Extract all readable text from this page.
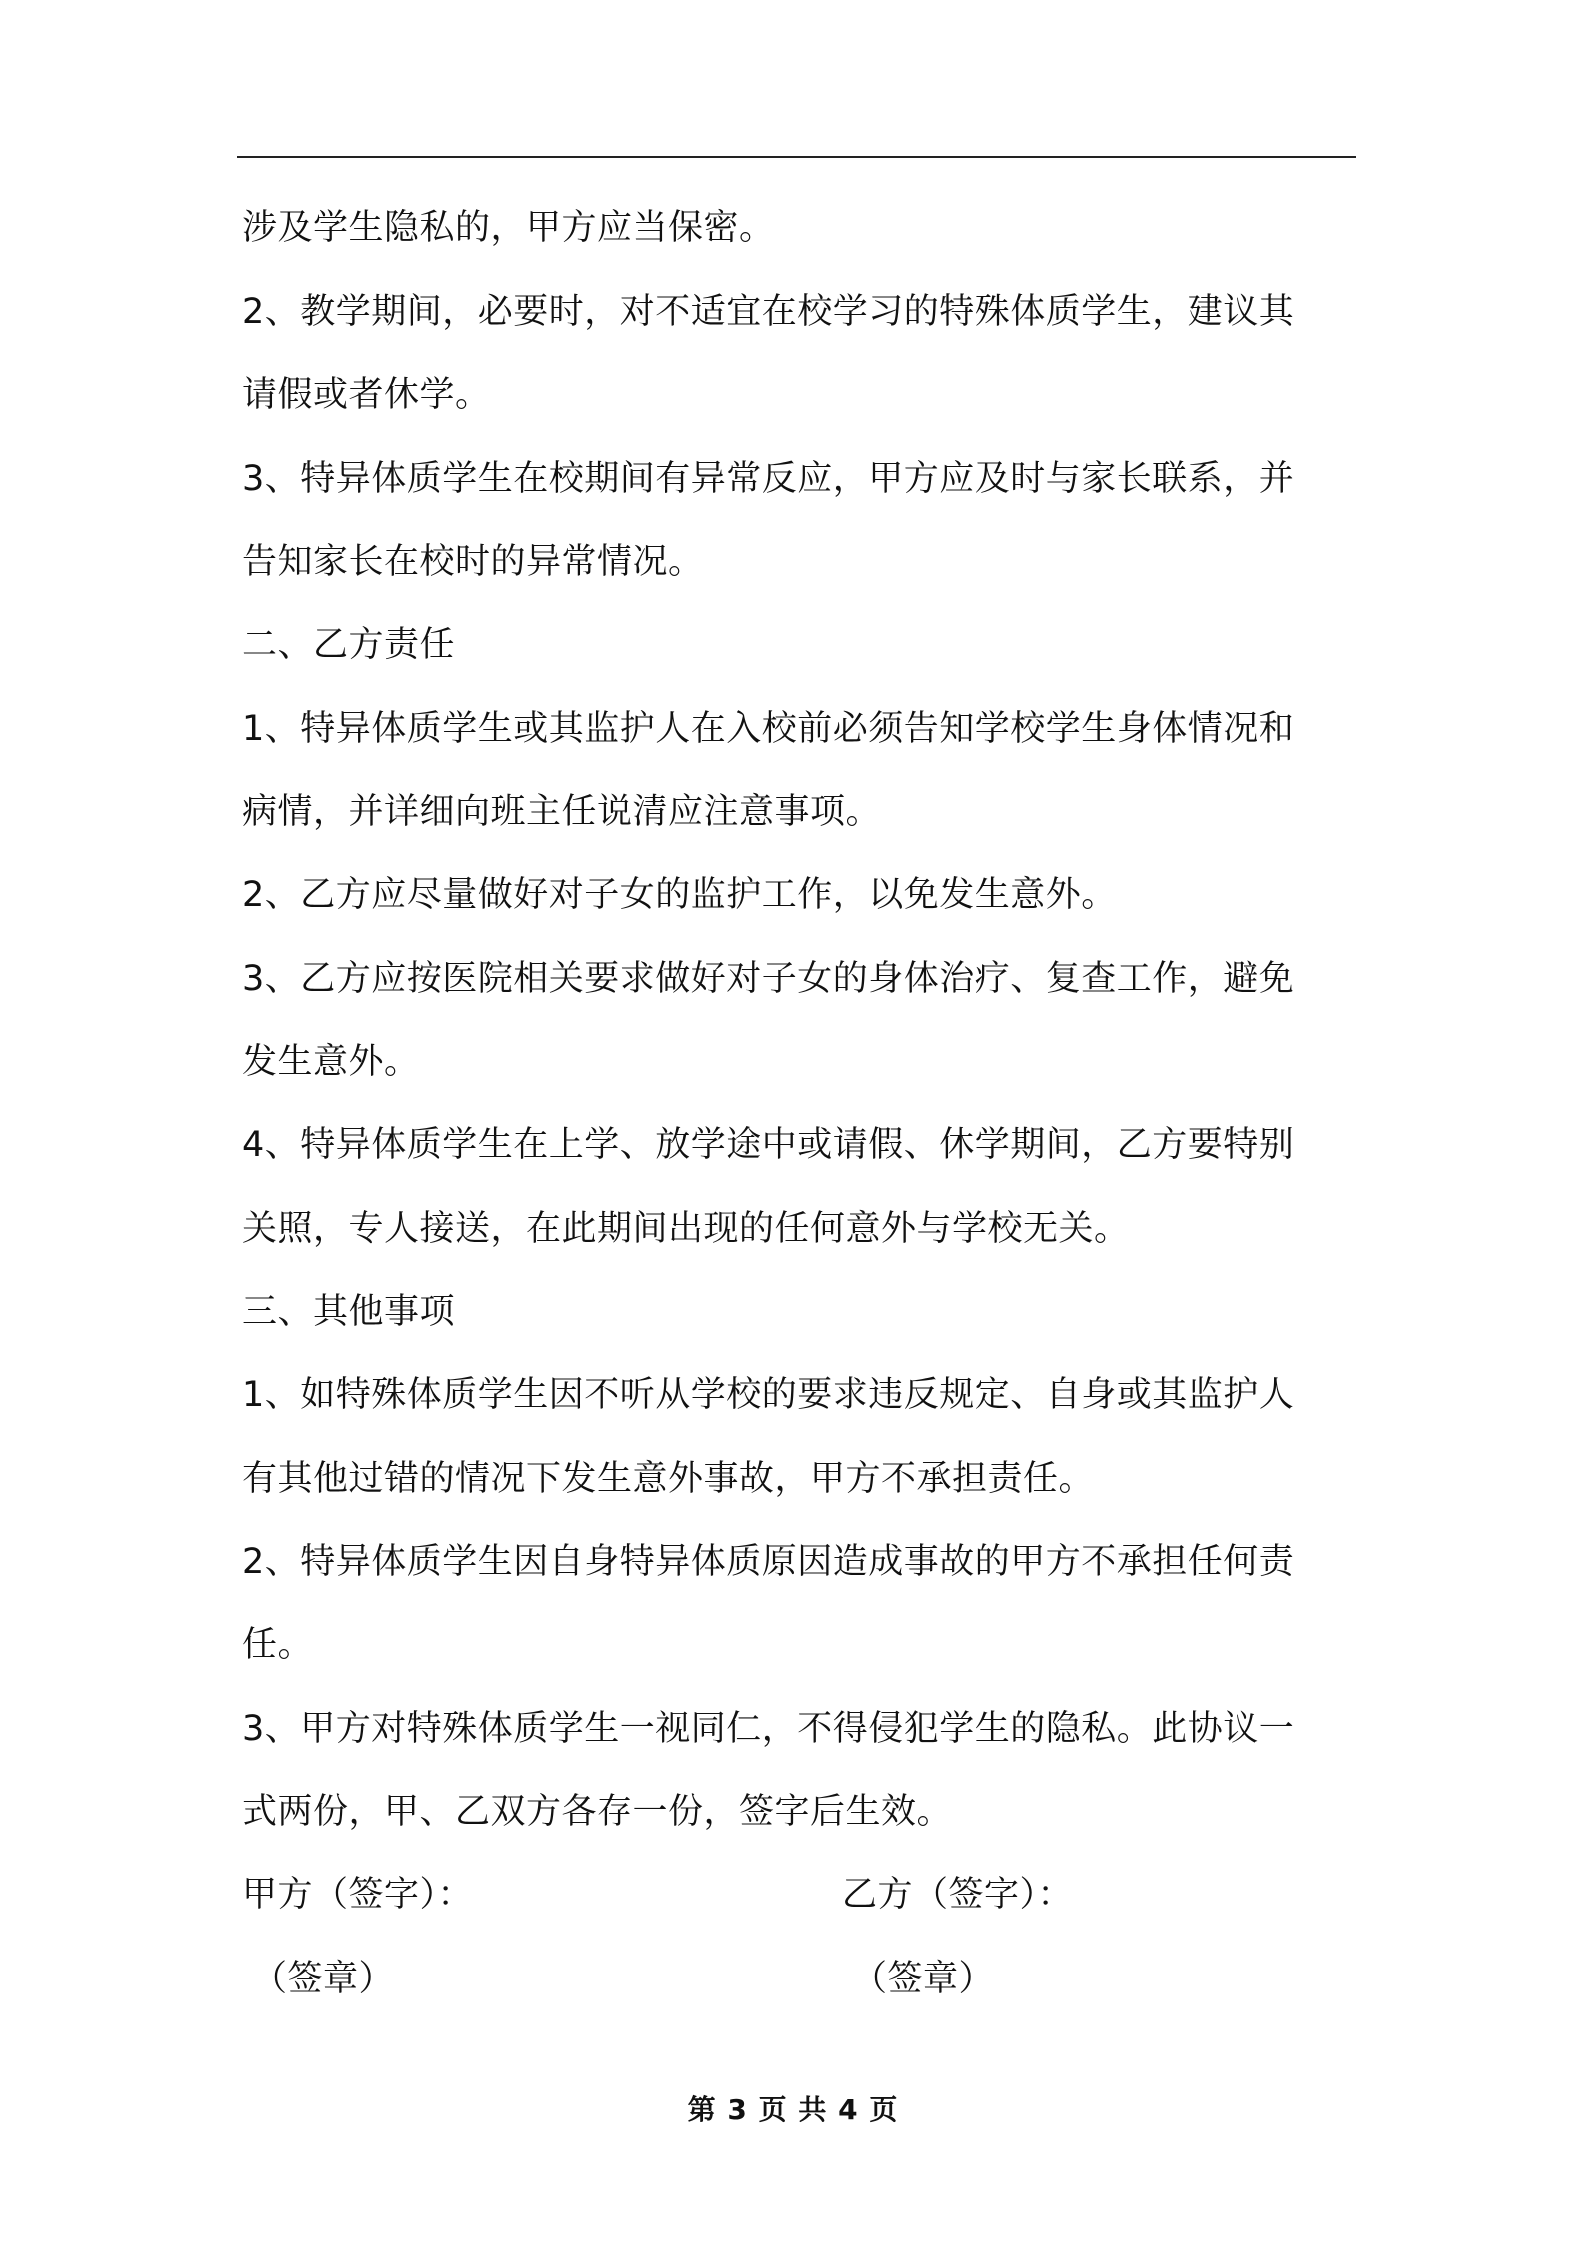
涉及学生隐私的，甲方应当保密。
2、教学期间，必要时，对不适宜在校学习的特殊体质学生，建议其
请假或者休学。
3、特异体质学生在校期间有异常反应，甲方应及时与家长联系，并
告知家长在校时的异常情况。
二、乙方责任
1、特异体质学生或其监护人在入校前必须告知学校学生身体情况和
病情，并详细向班主任说清应注意事项。
2、乙方应尽量做好对子女的监护工作，以免发生意外。
3、乙方应按医院相关要求做好对子女的身体治疗、复查工作，避免
发生意外。
4、特异体质学生在上学、放学途中或请假、休学期间，乙方要特别
关照，专人接送，在此期间出现的任何意外与学校无关。
三、其他事项
1、如特殊体质学生因不听从学校的要求违反规定、自身或其监护人
有其他过错的情况下发生意外事故，甲方不承担责任。
2、特异体质学生因自身特异体质原因造成事故的甲方不承担任何责
任。
3、甲方对特殊体质学生一视同仁，不得侵犯学生的隐私。此协议一
式两份，甲、乙双方各存一份，签字后生效。
甲方（签字）：	乙方（签字）：
（签章）	（签章）
第 3 页 共 4 页
